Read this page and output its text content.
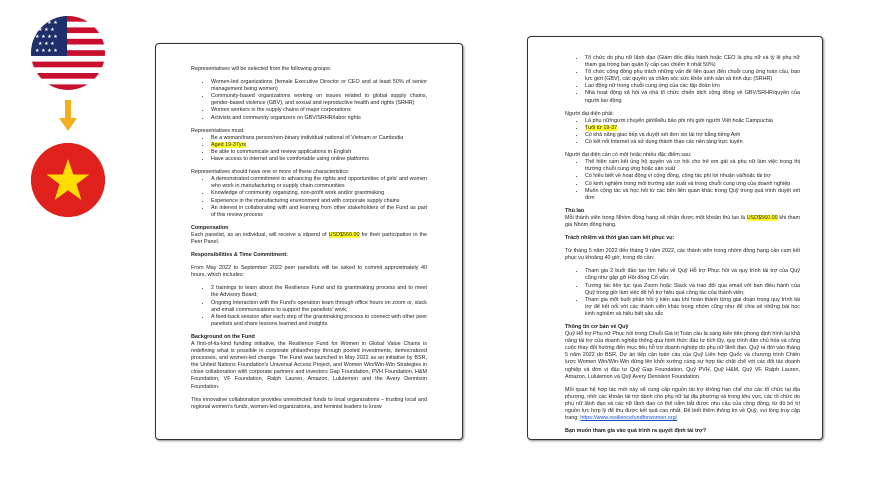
★ ★ ★ ★
★ ★ ★
★ ★ ★ ★
★ ★ ★
★ ★ ★ ★

Representatives will be selected from the following groups:

• Women-led organizations (female Executive Director or CEO and at least 50% of senior management being women)
• Community-based organizations working on issues related to global supply chains, gender-based violence (GBV), and sexual and reproductive health and rights (SRHR)
• Women workers in the supply chains of major corporations
• Activists and community organizers on GBV/SRHR/labor rights

Representatives must:

• Be a woman/trans person/non-binary individual national of Vietnam or Cambodia
• Aged 19-37yrs
• Be able to communicate and review applications in English
• Have access to internet and be comfortable using online platforms

Representatives should have one or more of these characteristics:

• A demonstrated commitment to advancing the rights and opportunities of girls' and women who work in manufacturing or supply chain communities
• Knowledge of community organizing, non-profit work and/or grantmaking
• Experience in the manufacturing environment and with corporate supply chains
• An interest in collaborating with and learning from other stakeholders of the Fund as part of this review process
Compensation

Each panelist, as an individual, will receive a stipend of USD$560.00 for their participation in the Peer Panel.

Responsibilities & Time Commitment:

From May 2022 to September 2022 peer panelists will be asked to commit approximately 40 hours, which includes:

• 2 trainings to learn about the Resilience Fund and its grantmaking process and to meet the Advisory Board;
• Ongoing interaction with the Fund's operation team through office hours on zoom or, slack and email communications to support the panelists' work;
• A feed-back session after each step of the grantmaking process to connect with other peer panelists and share lessons learned and insights
Background on the Fund

A first-of-its-kind funding initiative, the Resilience Fund for Women in Global Value Chains is redefining what is possible in corporate philanthropy through pooled investments, democratized processes, and women-led change. The Fund was launched in May 2022 as an initiative by BSR, the United Nations Foundation's Universal Access Project, and Women Win/Win-Win Strategies in close collaboration with corporate partners and investors Gap Foundation, PVH Foundation, H&M Foundation, VF Foundation, Ralph Lauren, Amazon, Lululemon and the Avery Dennison Foundation.

This innovative collaboration provides unrestricted funds to local organizations – trusting local and regional women's funds, women-led organizations, and feminist leaders to know

• Tổ chức do phụ nữ lãnh đạo (Giám đốc điều hành hoặc CEO là phụ nữ và tỷ lệ phụ nữ tham gia trong ban quản lý cấp cao chiếm ít nhất 50%)
• Tổ chức cộng đồng phụ trách những vấn đề liên quan đến chuỗi cung ứng toàn cầu, bạo lực giới (GBV), các quyền và chăm sóc sức khỏe sinh sản và tình dục (SRHR)
• Lao động nữ trong chuỗi cung ứng của các tập đoàn lớn
• Nhà hoạt động xã hội và nhà tổ chức chiến dịch cộng đồng về GBV/SRHR/quyền của người lao động

Người đại diện phải:

• Là phụ nữ/người chuyển giới/kiểu bảo phi nhị giới người Việt hoặc Campuchia
• Tuổi từ 19-37
• Có khả năng giao tiếp và duyệt xét đơn xin tài trợ bằng tiếng Anh
• Có kết nối Internet và sử dụng thành thạo các nền tảng trực tuyến

Người đại diện cần có một hoặc nhiều đặc điểm sau:

• Thể hiện cam kết ủng hộ quyền và cơ hội cho trẻ em gái và phụ nữ làm việc trong thị trường chuỗi cung ứng hoặc sản xuất
• Có hiểu biết về hoạt động vì cộng đồng, công tác phi lợi nhuận và/hoặc tài trợ
• Có kinh nghiệm trong môi trường sản xuất và trong chuỗi cung ứng của doanh nghiệp
• Muốn cộng tác và học hỏi từ các bên liên quan khác trong Quỹ trong quá trình duyệt xét đơn
Thù lao

Mỗi thành viên trong Nhóm đồng hạng sẽ nhận được một khoản thù lao là USD$560.00 khi tham gia Nhóm đồng hạng.

Trách nhiệm và thời gian cam kết phục vụ:

Từ tháng 5 năm 2022 đến tháng 9 năm 2022, các thành viên trong nhóm đồng hạng cần cam kết phục vụ khoảng 40 giờ, trong đó cần:

• Tham gia 2 buổi đào tạo tìm hiểu về Quỹ Hỗ trợ Phục hồi và quy trình tài trợ của Quỹ cũng như gặp gỡ Hội đồng Cố vấn;
• Tương tác liên tục qua Zoom hoặc Slack và trao đổi qua email với ban điều hành của Quỹ trong giờ làm việc để hỗ trợ hiệu quả công tác của thành viên;
• Tham gia một buổi phản hồi ý kiến sau khi hoàn thành từng giai đoạn trong quy trình tài trợ để kết nối với các thành viên khác trong nhóm cũng như để chia sẻ những bài học kinh nghiệm và hiểu biết sâu sắc
Thông tin cơ bản về Quỹ

Quỹ Hỗ trợ Phụ nữ Phục hồi trong Chuỗi Giá trị Toàn cầu là sáng kiến tiên phong định hình lại khả năng tài trợ của doanh nghiệp thông qua hình thức đầu tư tích lũy, quy trình dân chủ hóa và công cuộc thay đổi hướng đến mục tiêu hỗ trợ doanh nghiệp do phụ nữ lãnh đạo. Quỹ ra đời vào tháng 5 năm 2022 do BSR, Dự án tiếp cận toàn cầu của Quỹ Liên hợp Quốc và chương trình Chiến lược Women Win/Win-Win đứng lên khởi xướng cùng sự hợp tác chặt chẽ với các đối tác doanh nghiệp và đơn vị đầu tư Quỹ Gap Foundation, Quỹ PVH, Quỹ H&M, Quỹ VF, Ralph Lauren, Amazon, Lululemon và Quỹ Avery Dennison Foundation.

Mối quan hệ hợp tác mới này sẽ cung cấp nguồn tài trợ không hạn chế cho các tổ chức tại địa phương, nhờ các khoản tài trợ dành cho phụ nữ tại địa phương và trong khu vực, các tổ chức do phụ nữ lãnh đạo và các nữ lãnh đạo có thể nắm bắt được nhu cầu của cộng đồng, từ đó bố trí nguồn lực hợp lý để thu được kết quả cao nhất. Để biết thêm thông tin về Quỹ, vui lòng truy cập trang: https://www.resiliencefundforwomen.org/

Bạn muốn tham gia vào quá trình ra quyết định tài trợ?
